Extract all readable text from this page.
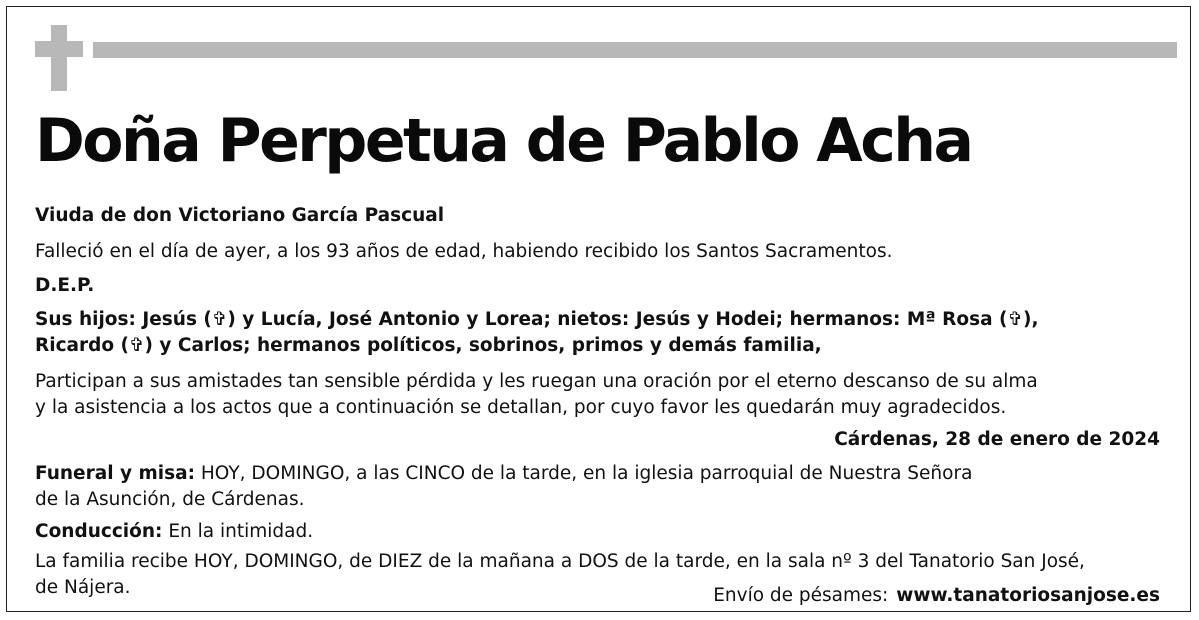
Doña Perpetua de Pablo Acha

Viuda de don Victoriano García Pascual

Falleció en el día de ayer, a los 93 años de edad, habiendo recibido los Santos Sacramentos.

D.E.P.

Sus hijos: Jesús (✞) y Lucía, José Antonio y Lorea; nietos: Jesús y Hodei; hermanos: Mª Rosa (✞),

Ricardo (✞) y Carlos; hermanos políticos, sobrinos, primos y demás familia,

Participan a sus amistades tan sensible pérdida y les ruegan una oración por el eterno descanso de su alma

y la asistencia a los actos que a continuación se detallan, por cuyo favor les quedarán muy agradecidos.

Cárdenas, 28 de enero de 2024

Funeral y misa: HOY, DOMINGO, a las CINCO de la tarde, en la iglesia parroquial de Nuestra Señora

de la Asunción, de Cárdenas.

Conducción: En la intimidad.

La familia recibe HOY, DOMINGO, de DIEZ de la mañana a DOS de la tarde, en la sala nº 3 del Tanatorio San José,

de Nájera.	Envío de pésames: www.tanatoriosanjose.es
